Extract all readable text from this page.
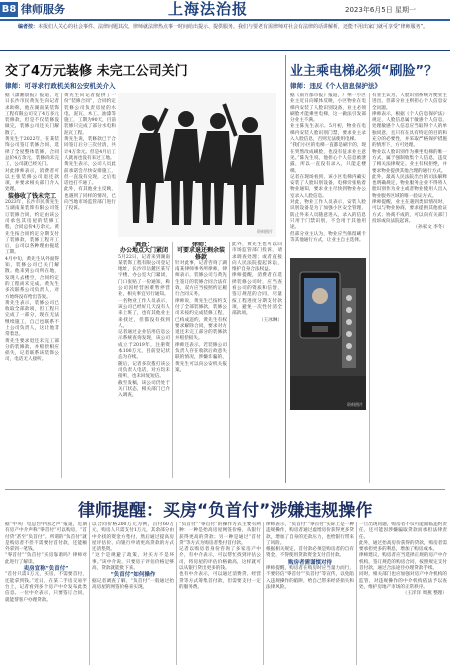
B8 律师服务	上海法治报	2023年6月5日 星期一
编者按：本报们人关心的社会事件、法律问题其次，律师就法律热点事一时间给出提示、提供服务。我们与要老有需律师对社会有法律的话讲解析，还能不用出家门就可享受“律师服务”。
交了4万元装修 未完工公司关门
律师：可寻求行政机关和公安机关介入
据《潇湘晨报》报道，近日长沙市民黄先生向记者求助称，他在湖南某装饰工程有限公司交了4万多元装修款，但是不仅装修没做完，装修公司还关门解散了。
黄先生于2022年，在某装饰公司签订装修合同，选择了全屋整体装修，合同总价4万余元，装修尚未完工，公司就已经关门。
对此律师表示，消费者可以主张装修公司退还款项，并要求相关部门介入处理。
装修收了钱未完工
2023年，长沙市民黄先生与湖南某装饰有限公司签订装修合同，约定由该公司承包其房屋的装修工程，合同总价4万余元。黄先生按合同约定分期支付了装修款，装修工程开工后，公司以各种理由拖延工期。
4月中旬，黄先生从外面得知，装修公司已关门解散。他来到公司所在地，发现人去楼空，合同约定的工程尚未完成。黄先生多次联系公司负责人，对方始终没有给出答复。
黄先生表示，装修公司已收取全部款项，但工程只完成了一部分，现在无法继续施工，自己也联系不上公司负责人，这让他非常着急。
黄先生要求退还未完工部分的装修款，并赔偿相应损失，记者联系该装饰公司，电话无人接听。
黄先生向记者提供了一份“装修合同”，合同约定装修公司负责房屋的水电、泥瓦、木工、油漆等施工，工期为90天，目前装修只完成了部分水电和泥瓦工程。
黄先生说，装修款已于合同签订后分三次付清，共计4万余元。但是4月后工人就再也没有来过工地。
黄先生表示，公司人员此前承诺会尽快安排施工，但一直没有兑现，之后电话也打不通了。
此外，有其他业主反映，也遇到了同样的情况，已向当地市场监管部门进行了投诉。
资料图片
调查：
办公地点大门紧闭
5月22日，记者来到湖南某装饰工程有限公司登记地址，长沙市岳麓区某写字楼，办公室大门紧闭，门口张贴了一份通知，称公司因经营困难暂停营业，相关事宜另行通知。
一名物业工作人员表示，该公司已经好几天没有人来上班了，也有其他业主来找过，但都没有找到人。
记者通过企业信用信息公示系统查询发现，该公司成立于2019年，注册资本100万元，目前登记状态为存续。
随后，记者多次拨打该公司负责人电话，对方均未接听，也未回复短信。
截至发稿，该公司仍处于关门状态，相关部门已介入调查。
律师：
可要求退还剩余装修款
针对此事，记者咨询了湖南某律师事务所律师。律师表示，装修公司与黄先生签订的装修合同合法有效，双方应当按照约定履行合同义务。
律师说，黄先生已按约支付了全部装修款，装修公司未按约完成装修工程，已构成违约，黄先生有权要求解除合同，要求对方退还未完工部分的装修款并赔偿损失。
律师还表示，若装修公司负责人存在收款后故意失联的情况，涉嫌诈骗的，黄先生可以向公安机关报案。
此外，黄先生也可以向市场监管部门投诉，请求调查处理；或者直接向人民法院提起诉讼，维护自身合法权益。
律师提醒，消费者在选择装修公司时，应当查看公司的资质和信誉，签订规范的合同，尽量按工程进度分期支付款项，避免一次性付清全部款项。
（王冰琳）
业主乘电梯必须“刷脸”？
律师：违反《个人信息保护法》
据《南方都市报》报道，广州一小区业主近日向媒体反映，小区物业在电梯内安装了人脸识别设备，业主必须刷脸才能乘坐电梯，这一做法引发部分业主不满。
业主陈先生表示，5月初，物业在电梯内安装人脸识别门禁，要求业主录入人脸信息，否则无法使用电梯。
“我们小区的电梯一直都是刷卡的，现在突然改成刷脸，也没有征求业主意见。”陈先生说，他担心个人信息被泄露，所以一直没有录入，只能走楼梯。
记者在现场看到，该小区电梯内确实安装了人脸识别设备，电梯旁张贴着物业通知，要求业主尽快到物业办公室录入人脸信息。
对此，物业工作人员表示，安装人脸识别设备是为了加强小区安全管理，防止外来人员随意进入，录入的信息只用于门禁识别，不会用于其他用途。
但部分业主认为，物业应当保留刷卡等其他通行方式，让业主自主选择。
资料图片
有业主认为，人脸识别系统方便业主进出，但部分业主则担心个人信息安全问题。
律师表示，根据《个人信息保护法》规定，人脸信息属于敏感个人信息，处理敏感个人信息应当取得个人的单独同意，且只有在具有特定的目的和充分的必要性，并采取严格保护措施的情形下，方可处理。
物业以人脸识别作为乘坐电梯的唯一方式，属于强制收集个人信息，违反了相关法律规定。业主有权拒绝，并要求物业提供其他合理的通行方式。
此外，最高人民法院出台的司法解释也明确规定，物业服务企业不得将人脸识别作为业主或者物业使用人出入物业服务区域的唯一验证方式。
律师提醒，业主在遇到类似情况时，可以与物业协商，要求提供其他验证方式；协商不成的，可以向有关部门投诉或向法院起诉。
（孙家文 李冬）
律师提醒：买房“负首付”涉嫌违规操作
据“中央广电总台中国之声”报道，近期有房产中介声称“零首付”可以购房，“首付贷”甚至“负首付”。所谓的“负首付”就是购房者不但不需要付首付款，还能额外拿到一笔钱。
“零首付”“负首付”买房靠谱吗？律师对此进行了解读。
卖房宣称“负首付”
“首付只需1万元，买房，不需要首付，还能拿到钱。”近日，在某二手房交易平台上，记者看到多个房产中介发布此类信息。一位中介表示，只要签订合同，就能帮客户办理贷款。
以合同价格200万元为例，首付60万元，购房人只需支付1万元，其余部分由中介找的资金方垫付，然后通过提高房屋评估价、向银行申请更高贷款的方式还清垫资。
“这个是规避了政策，对买方不是坏事。”该中介说，只要房子评估价格足够高，贷款就能批下来。
“负首付”如何操作
据记者调查了解，“负首付”一般通过抬高房屋的网签价格来实现。
“负首付”“零首付”的操作方式主要有两种：一种是抬高房屋网签价格，从银行获得更高的贷款；另一种是通过“首付贷”等方式为购房者垫付首付款。
记者以购房者身份咨询了多家房产中介，有中介表示，可以帮忙找到评估公司，将房屋的评估价格做高，这样就可以从银行贷出更多的钱。
也有中介表示，可以通过消费贷、经营贷等方式筹集首付款，但需要支付一定的服务费。
律师表示，“负首付”“零首付”实际上是一种违规操作，购房者通过虚增房价获得更多贷款，增加了自身的还款压力，也给银行带来了风险。
根据相关规定，首付款必须是购房者的自有资金，不得使用贷款资金支付首付款。
购房者需谨慎对待
律师提醒，购房者在购房时应当量力而行，不要轻信“零首付”“负首付”等宣传，以免陷入违规操作的陷阱，给自己带来经济损失和法律风险。
一旦出现问题，购房者不仅可能面临违约责任，还可能因涉嫌骗取贷款而承担法律责任。
此外，通过抬高房价获得的贷款，购房者需要承担更多的利息，增加了购房成本。
律师建议，购房者应当选择正规的房产中介机构，签订规范的购房合同，按照规定支付首付款，通过合法途径办理贷款手续。
同时，相关部门也应加强对房产中介机构的监管，对违规操作的中介机构依法予以查处，维护房地产市场的正常秩序。
（王洋洋 周燕 整理）
